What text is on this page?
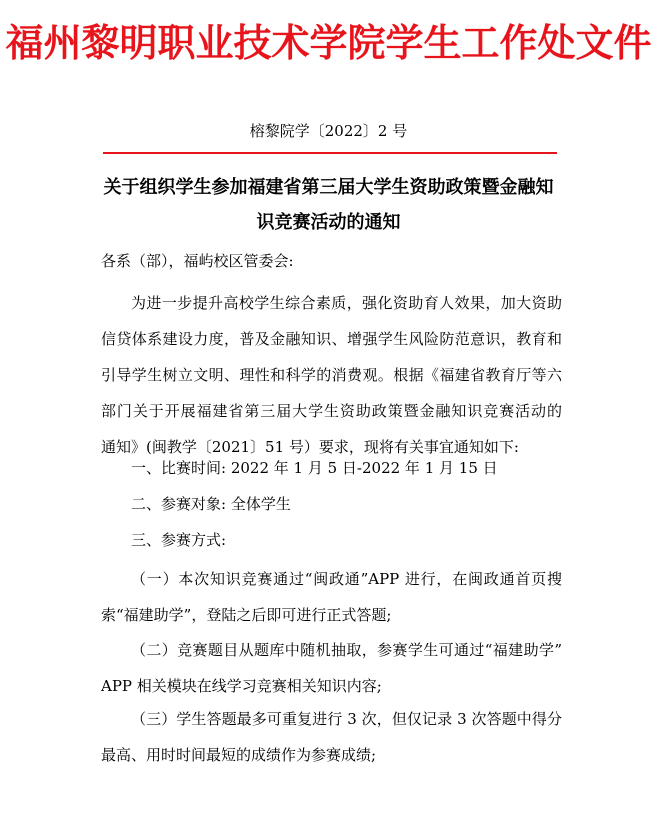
福州黎明职业技术学院学生工作处文件
榕黎院学〔2022〕2 号
关于组织学生参加福建省第三届大学生资助政策暨金融知
识竞赛活动的通知
各系（部），福屿校区管委会:
为进一步提升高校学生综合素质，强化资助育人效果，加大资助
信贷体系建设力度，普及金融知识、增强学生风险防范意识，教育和
引导学生树立文明、理性和科学的消费观。根据《福建省教育厅等六
部门关于开展福建省第三届大学生资助政策暨金融知识竞赛活动的
通知》(闽教学〔2021〕51 号）要求，现将有关事宜通知如下:
一、比赛时间: 2022 年 1 月 5 日-2022 年 1 月 15 日
二、参赛对象: 全体学生
三、参赛方式:
（一）本次知识竞赛通过“闽政通”APP 进行，在闽政通首页搜
索“福建助学”，登陆之后即可进行正式答题;
（二）竞赛题目从题库中随机抽取，参赛学生可通过“福建助学”
APP 相关模块在线学习竞赛相关知识内容;
（三）学生答题最多可重复进行 3 次，但仅记录 3 次答题中得分
最高、用时时间最短的成绩作为参赛成绩;
